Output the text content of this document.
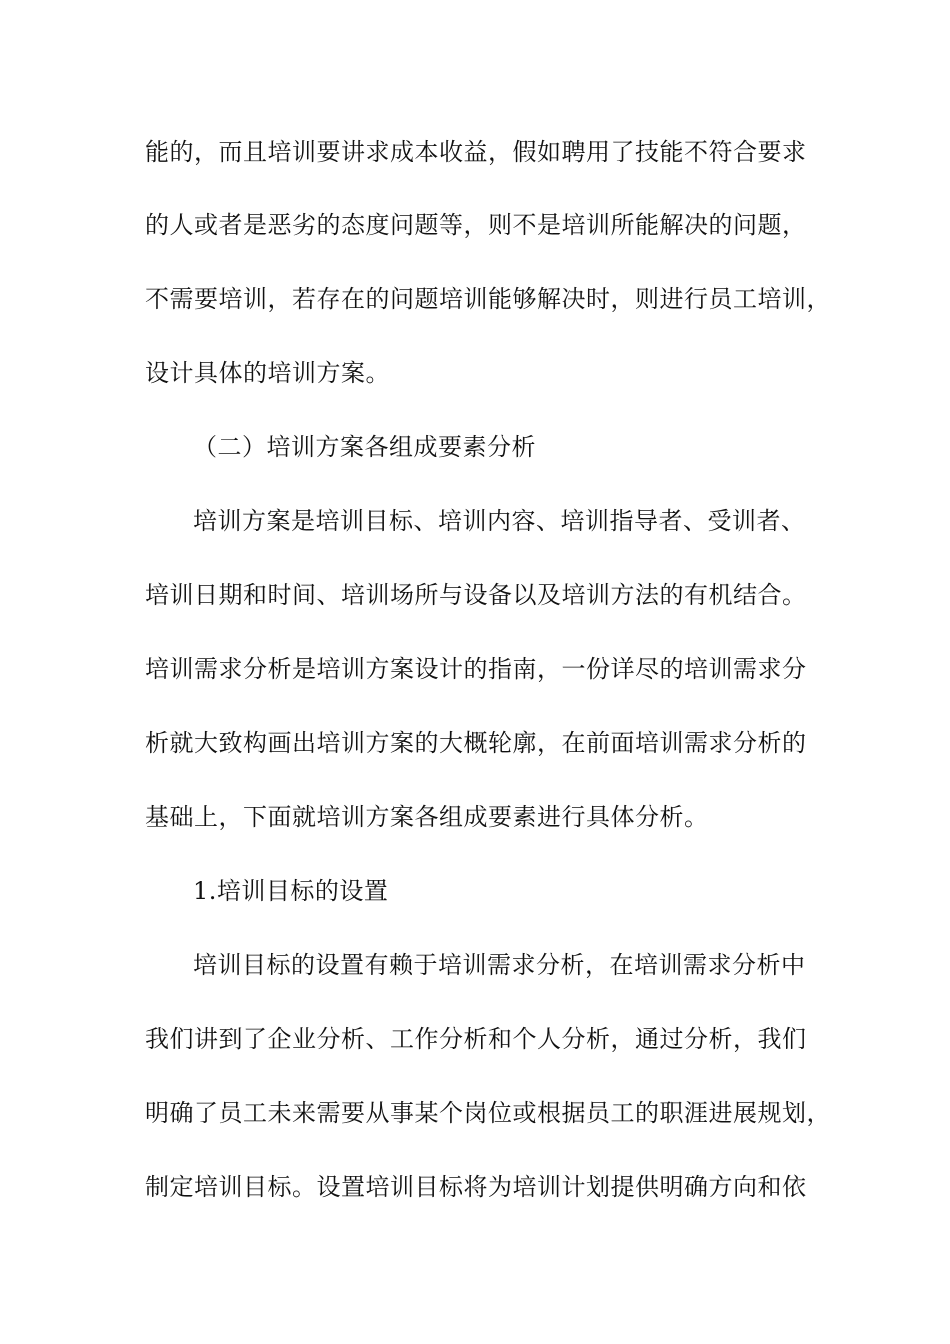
能的，而且培训要讲求成本收益，假如聘用了技能不符合要求
的人或者是恶劣的态度问题等，则不是培训所能解决的问题，
不需要培训，若存在的问题培训能够解决时，则进行员工培训，
设计具体的培训方案。
（二）培训方案各组成要素分析
培训方案是培训目标、培训内容、培训指导者、受训者、
培训日期和时间、培训场所与设备以及培训方法的有机结合。
培训需求分析是培训方案设计的指南，一份详尽的培训需求分
析就大致构画出培训方案的大概轮廓，在前面培训需求分析的
基础上，下面就培训方案各组成要素进行具体分析。
1.培训目标的设置
培训目标的设置有赖于培训需求分析，在培训需求分析中
我们讲到了企业分析、工作分析和个人分析，通过分析，我们
明确了员工未来需要从事某个岗位或根据员工的职涯进展规划，
制定培训目标。设置培训目标将为培训计划提供明确方向和依
